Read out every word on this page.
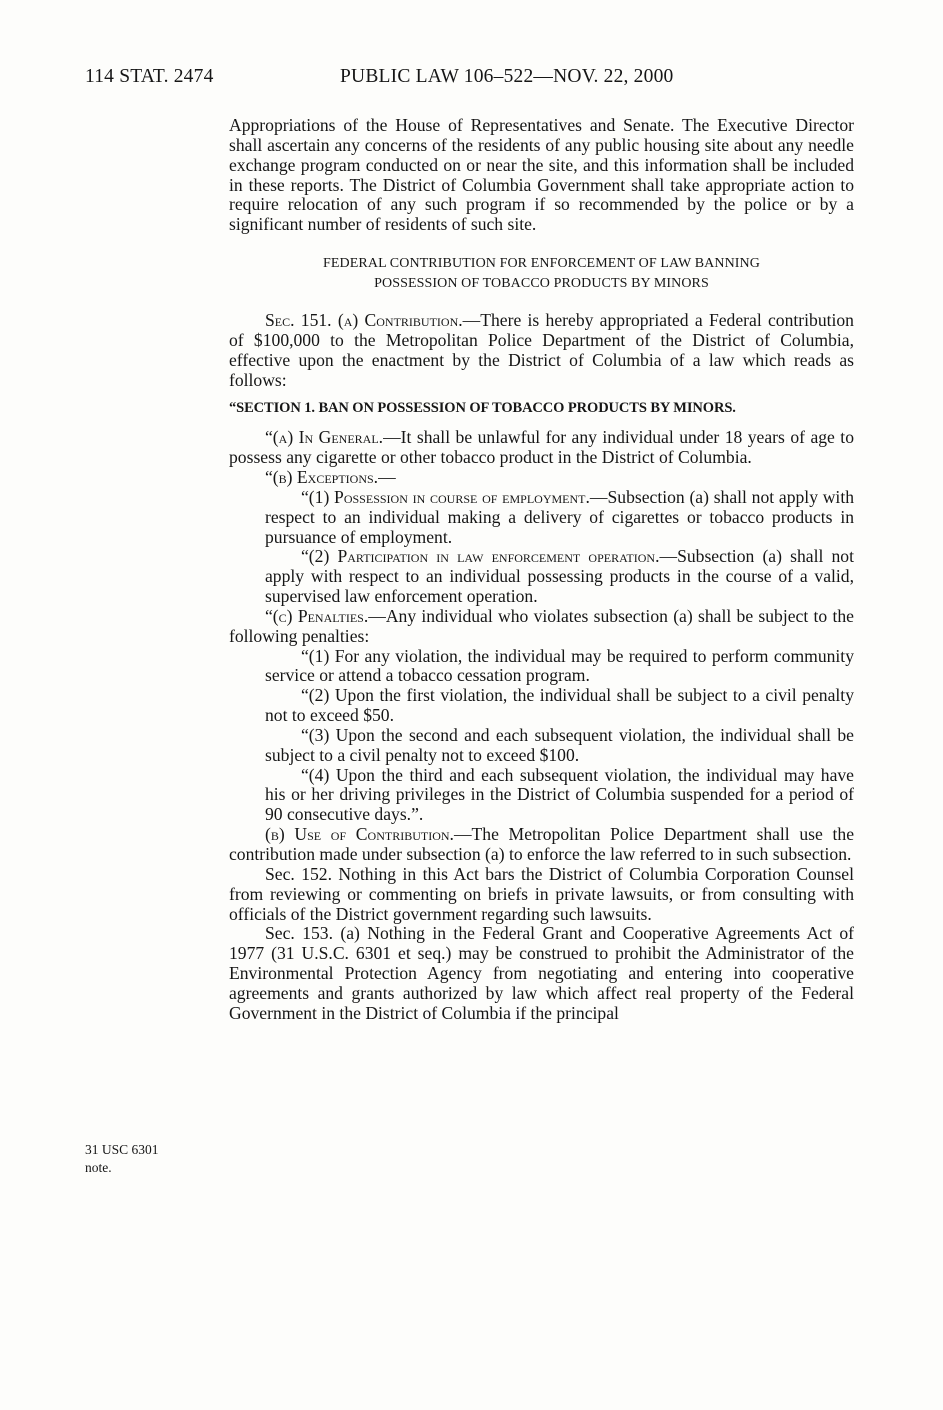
114 STAT. 2474	PUBLIC LAW 106–522—NOV. 22, 2000
31 USC 6301
note.

Appropriations of the House of Representatives and Senate. The Executive Director shall ascertain any concerns of the residents of any public housing site about any needle exchange program conducted on or near the site, and this information shall be included in these reports. The District of Columbia Government shall take appropriate action to require relocation of any such program if so recommended by the police or by a significant number of residents of such site.

FEDERAL CONTRIBUTION FOR ENFORCEMENT OF LAW BANNING
POSSESSION OF TOBACCO PRODUCTS BY MINORS

Sec. 151. (a) Contribution.—There is hereby appropriated a Federal contribution of $100,000 to the Metropolitan Police Department of the District of Columbia, effective upon the enactment by the District of Columbia of a law which reads as follows:

“SECTION 1. BAN ON POSSESSION OF TOBACCO PRODUCTS BY MINORS.

“(a) In General.—It shall be unlawful for any individual under 18 years of age to possess any cigarette or other tobacco product in the District of Columbia.

“(b) Exceptions.—

“(1) Possession in course of employment.—Subsection (a) shall not apply with respect to an individual making a delivery of cigarettes or tobacco products in pursuance of employment.

“(2) Participation in law enforcement operation.—Subsection (a) shall not apply with respect to an individual possessing products in the course of a valid, supervised law enforcement operation.

“(c) Penalties.—Any individual who violates subsection (a) shall be subject to the following penalties:

“(1) For any violation, the individual may be required to perform community service or attend a tobacco cessation program.

“(2) Upon the first violation, the individual shall be subject to a civil penalty not to exceed $50.

“(3) Upon the second and each subsequent violation, the individual shall be subject to a civil penalty not to exceed $100.

“(4) Upon the third and each subsequent violation, the individual may have his or her driving privileges in the District of Columbia suspended for a period of 90 consecutive days.”.

(b) Use of Contribution.—The Metropolitan Police Department shall use the contribution made under subsection (a) to enforce the law referred to in such subsection.

Sec. 152. Nothing in this Act bars the District of Columbia Corporation Counsel from reviewing or commenting on briefs in private lawsuits, or from consulting with officials of the District government regarding such lawsuits.

Sec. 153. (a) Nothing in the Federal Grant and Cooperative Agreements Act of 1977 (31 U.S.C. 6301 et seq.) may be construed to prohibit the Administrator of the Environmental Protection Agency from negotiating and entering into cooperative agreements and grants authorized by law which affect real property of the Federal Government in the District of Columbia if the principal
